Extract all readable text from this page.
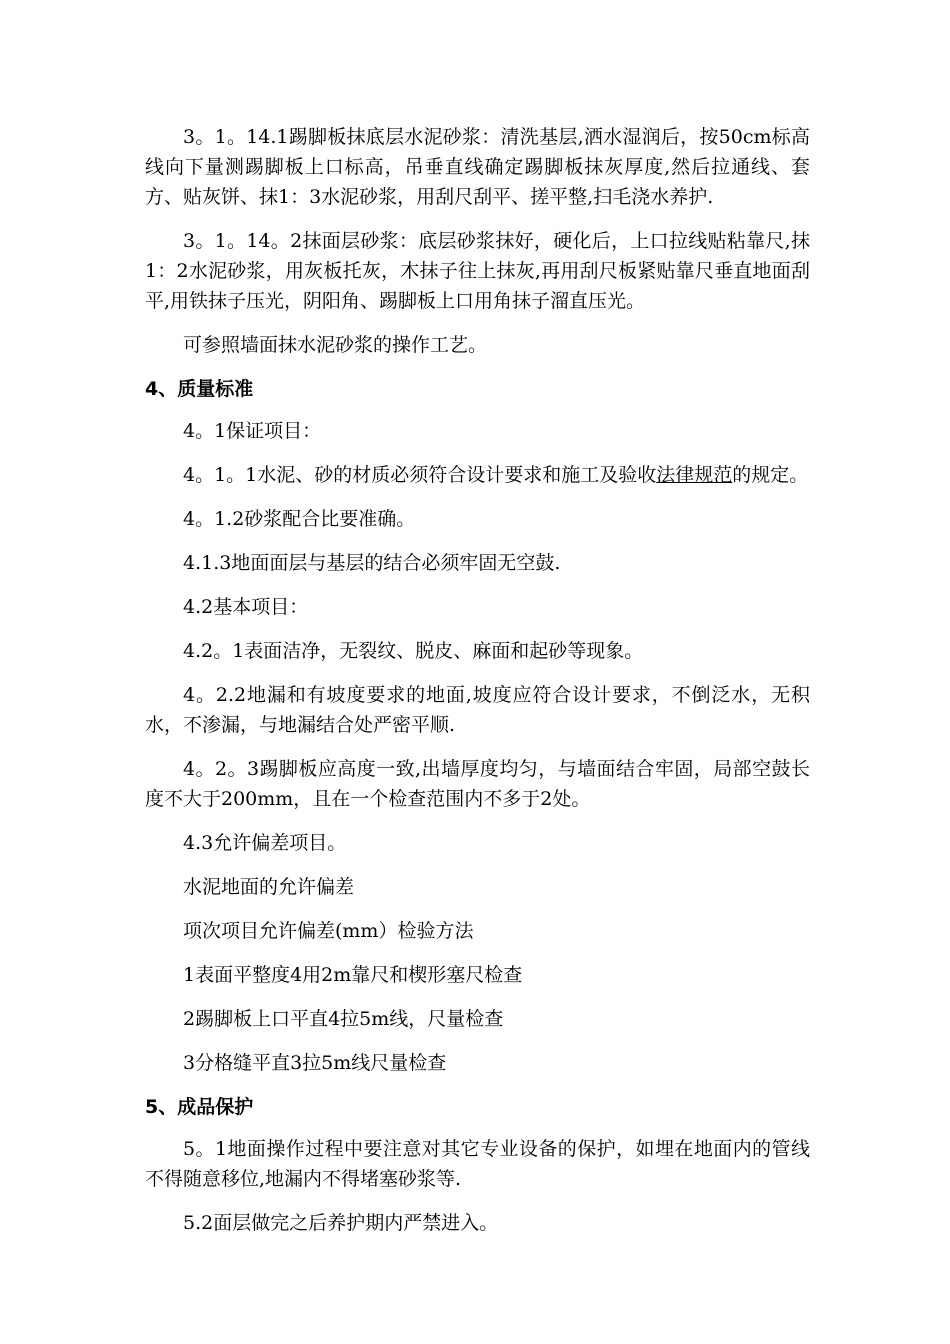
3。1。14.1踢脚板抹底层水泥砂浆：清洗基层,洒水湿润后，按50cm标高线向下量测踢脚板上口标高，吊垂直线确定踢脚板抹灰厚度,然后拉通线、套方、贴灰饼、抹1：3水泥砂浆，用刮尺刮平、搓平整,扫毛浇水养护.

3。1。14。2抹面层砂浆：底层砂浆抹好，硬化后，上口拉线贴粘靠尺,抹1：2水泥砂浆，用灰板托灰，木抹子往上抹灰,再用刮尺板紧贴靠尺垂直地面刮平,用铁抹子压光，阴阳角、踢脚板上口用角抹子溜直压光。

可参照墙面抹水泥砂浆的操作工艺。

4、质量标准

4。1保证项目：

4。1。1水泥、砂的材质必须符合设计要求和施工及验收法律规范的规定。

4。1.2砂浆配合比要准确。

4.1.3地面面层与基层的结合必须牢固无空鼓.

4.2基本项目：

4.2。1表面洁净，无裂纹、脱皮、麻面和起砂等现象。

4。2.2地漏和有坡度要求的地面,坡度应符合设计要求，不倒泛水，无积水，不渗漏，与地漏结合处严密平顺.

4。2。3踢脚板应高度一致,出墙厚度均匀，与墙面结合牢固，局部空鼓长度不大于200mm，且在一个检查范围内不多于2处。

4.3允许偏差项目。

水泥地面的允许偏差

项次项目允许偏差(mm）检验方法

1表面平整度4用2m靠尺和楔形塞尺检查

2踢脚板上口平直4拉5m线，尺量检查

3分格缝平直3拉5m线尺量检查

5、成品保护

5。1地面操作过程中要注意对其它专业设备的保护，如埋在地面内的管线不得随意移位,地漏内不得堵塞砂浆等.

5.2面层做完之后养护期内严禁进入。
